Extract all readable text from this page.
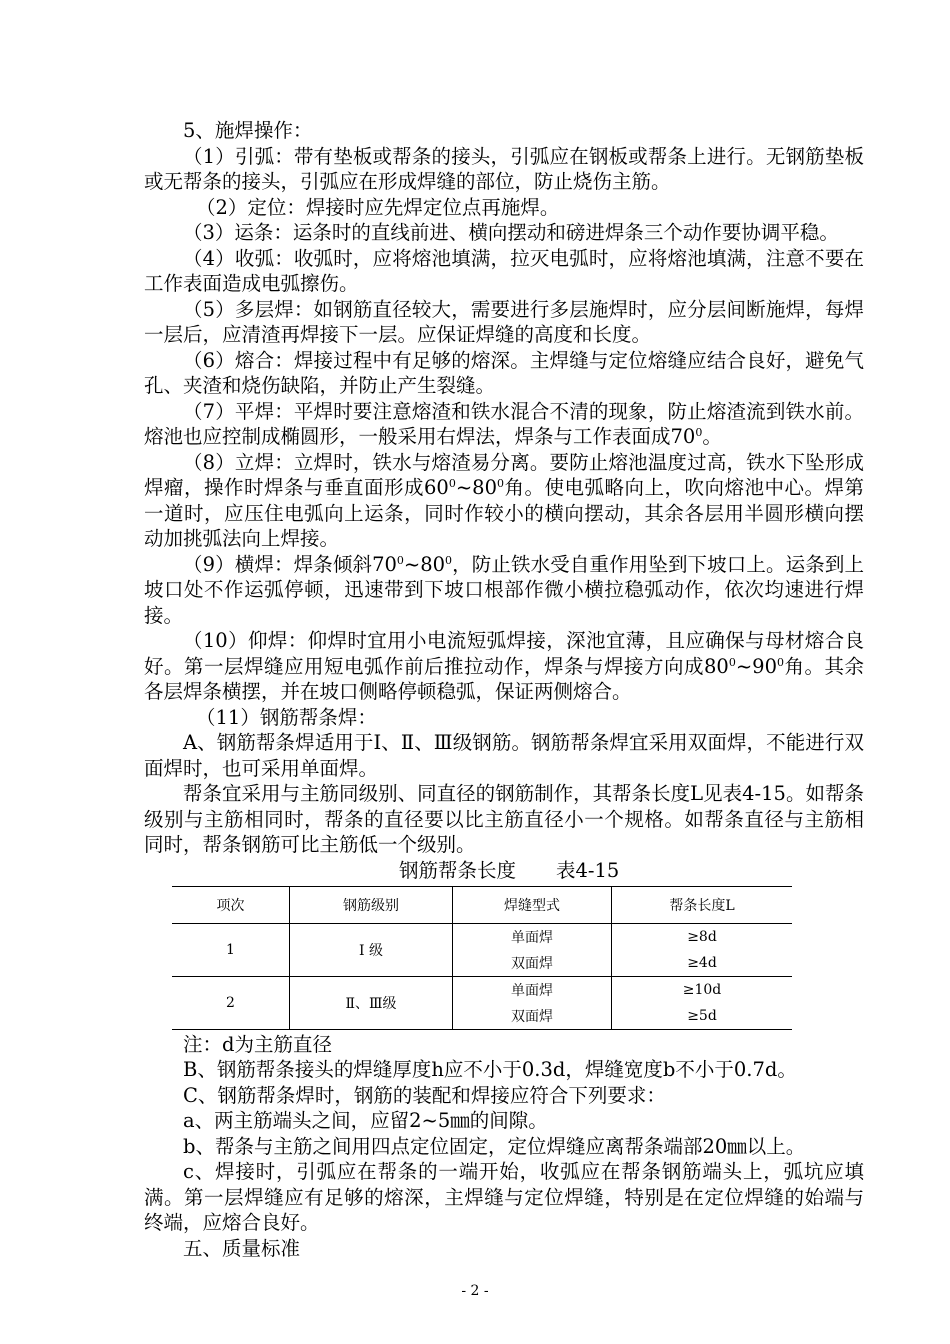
5、施焊操作：

（1）引弧：带有垫板或帮条的接头，引弧应在钢板或帮条上进行。无钢筋垫板或无帮条的接头，引弧应在形成焊缝的部位，防止烧伤主筋。

（2）定位：焊接时应先焊定位点再施焊。

（3）运条：运条时的直线前进、横向摆动和磅进焊条三个动作要协调平稳。

（4）收弧：收弧时，应将熔池填满，拉灭电弧时，应将熔池填满，注意不要在工作表面造成电弧擦伤。

（5）多层焊：如钢筋直径较大，需要进行多层施焊时，应分层间断施焊，每焊一层后，应清渣再焊接下一层。应保证焊缝的高度和长度。

（6）熔合：焊接过程中有足够的熔深。主焊缝与定位熔缝应结合良好，避免气孔、夹渣和烧伤缺陷，并防止产生裂缝。

（7）平焊：平焊时要注意熔渣和铁水混合不清的现象，防止熔渣流到铁水前。熔池也应控制成椭圆形，一般采用右焊法，焊条与工作表面成$70^0$。

（8）立焊：立焊时，铁水与熔渣易分离。要防止熔池温度过高，铁水下坠形成焊瘤，操作时焊条与垂直面形成$60^0\sim 80^0$角。使电弧略向上，吹向熔池中心。焊第一道时，应压住电弧向上运条，同时作较小的横向摆动，其余各层用半圆形横向摆动加挑弧法向上焊接。

（9）横焊：焊条倾斜$70^0\sim 80^0$，防止铁水受自重作用坠到下坡口上。运条到上坡口处不作运弧停顿，迅速带到下坡口根部作微小横拉稳弧动作，依次均速进行焊接。

（10）仰焊：仰焊时宜用小电流短弧焊接，深池宜薄，且应确保与母材熔合良好。第一层焊缝应用短电弧作前后推拉动作，焊条与焊接方向成$80^0\sim 90^0$角。其余各层焊条横摆，并在坡口侧略停顿稳弧，保证两侧熔合。

（11）钢筋帮条焊：

A、钢筋帮条焊适用于Ⅰ、Ⅱ、Ⅲ级钢筋。钢筋帮条焊宜采用双面焊，不能进行双面焊时，也可采用单面焊。

帮条宜采用与主筋同级别、同直径的钢筋制作，其帮条长度L见表4-15。如帮条级别与主筋相同时，帮条的直径要以比主筋直径小一个规格。如帮条直径与主筋相同时，帮条钢筋可比主筋低一个级别。

钢筋帮条长度 表4-15

项次	钢筋级别	焊缝型式	帮条长度L
1	Ⅰ 级	单面焊	≥8d
		双面焊	≥4d
2	Ⅱ、Ⅲ级	单面焊	≥10d
		双面焊	≥5d

注：d为主筋直径

B、钢筋帮条接头的焊缝厚度h应不小于0.3d，焊缝宽度b不小于0.7d。

C、钢筋帮条焊时，钢筋的装配和焊接应符合下列要求：

a、两主筋端头之间，应留2~5㎜的间隙。

b、帮条与主筋之间用四点定位固定，定位焊缝应离帮条端部20㎜以上。

c、焊接时，引弧应在帮条的一端开始，收弧应在帮条钢筋端头上，弧坑应填满。第一层焊缝应有足够的熔深，主焊缝与定位焊缝，特别是在定位焊缝的始端与终端，应熔合良好。

五、质量标准

- 2 -
